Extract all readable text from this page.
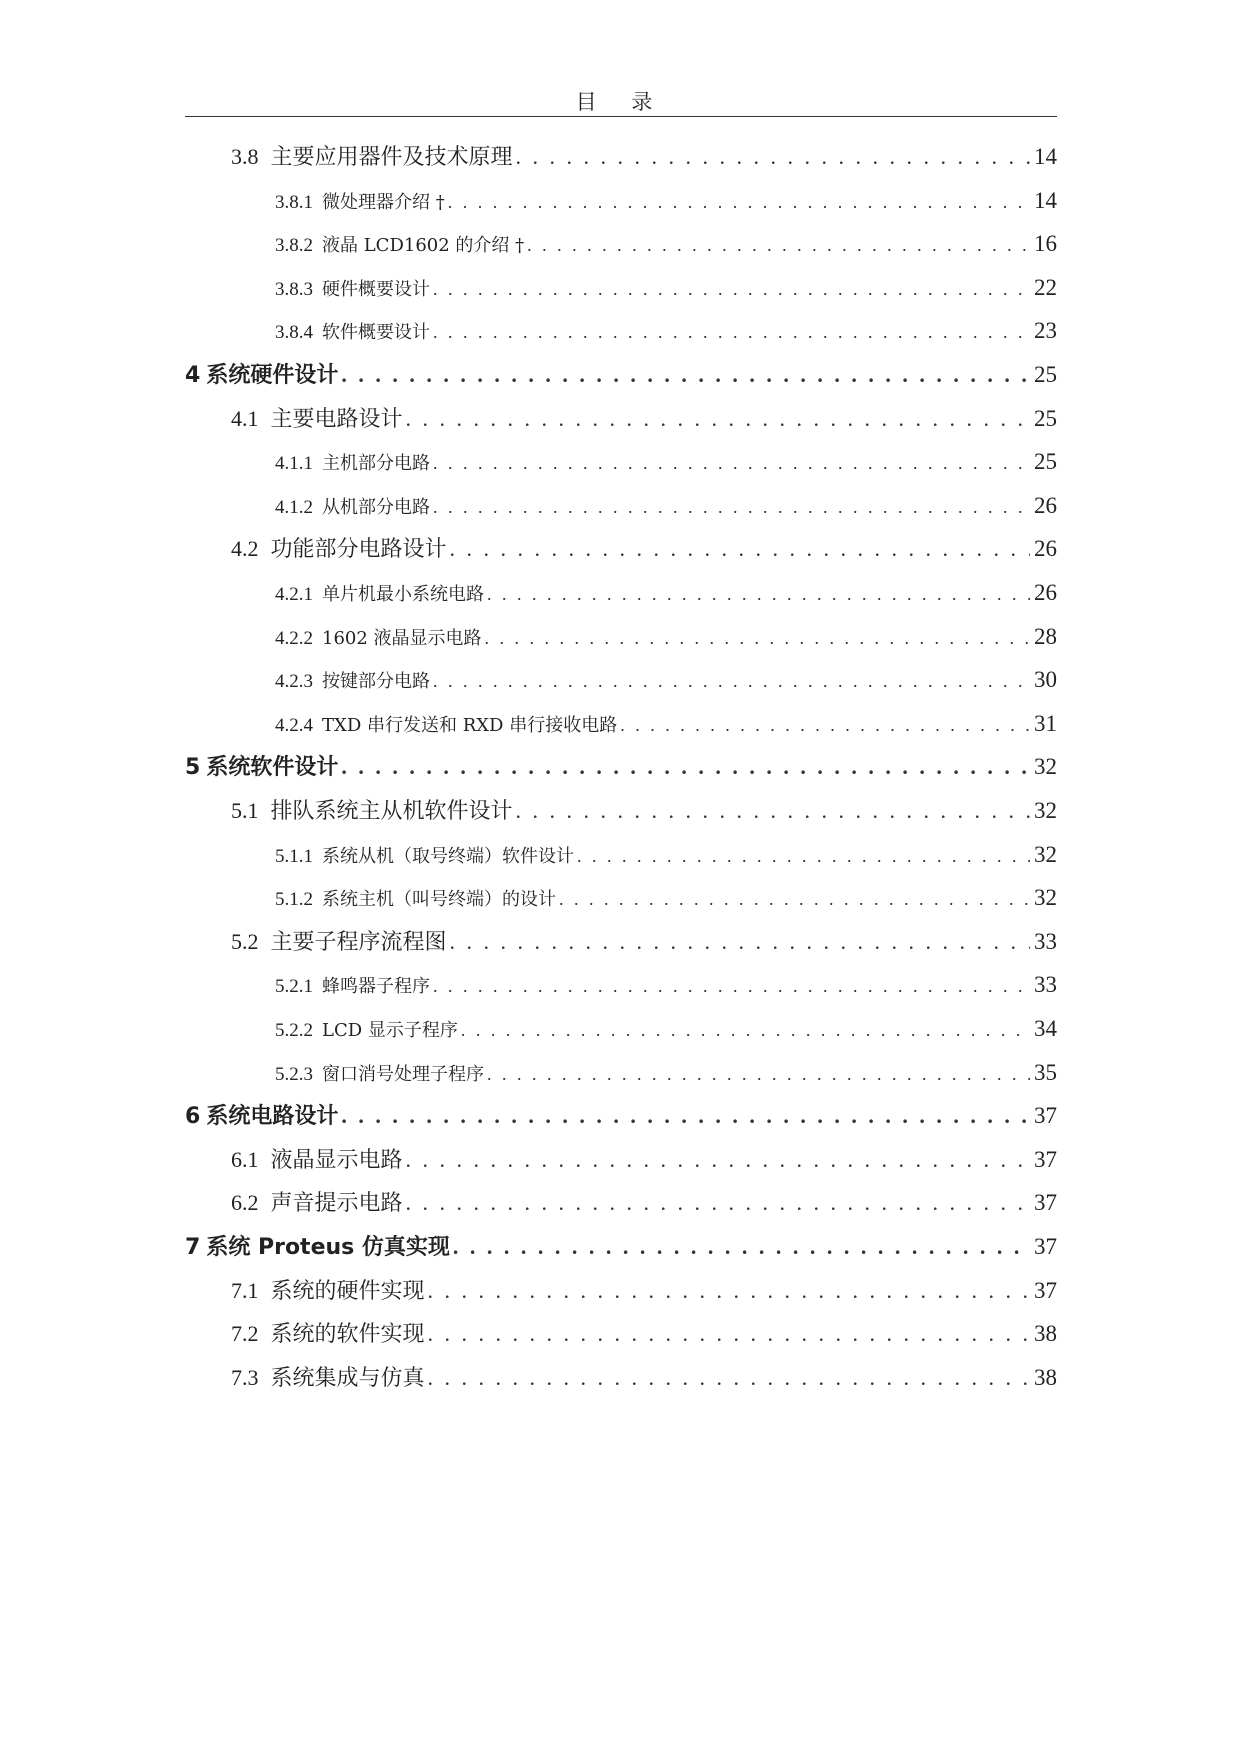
目 录
3.8 主要应用器件及技术原理 . . .	14
3.8.1 微处理器介绍 † . . .	14
3.8.2 液晶 LCD1602 的介绍 † . . .	16
3.8.3 硬件概要设计 . . .	22
3.8.4 软件概要设计 . . .	23
4 系统硬件设计 . . .	25
4.1 主要电路设计 . . .	25
4.1.1 主机部分电路 . . .	25
4.1.2 从机部分电路 . . .	26
4.2 功能部分电路设计 . . .	26
4.2.1 单片机最小系统电路 . . .	26
4.2.2 1602 液晶显示电路 . . .	28
4.2.3 按键部分电路 . . .	30
4.2.4 TXD 串行发送和 RXD 串行接收电路 . . .	31
5 系统软件设计 . . .	32
5.1 排队系统主从机软件设计 . . .	32
5.1.1 系统从机（取号终端）软件设计 . . .	32
5.1.2 系统主机（叫号终端）的设计 . . .	32
5.2 主要子程序流程图 . . .	33
5.2.1 蜂鸣器子程序 . . .	33
5.2.2 LCD 显示子程序 . . .	34
5.2.3 窗口消号处理子程序 . . .	35
6 系统电路设计 . . .	37
6.1 液晶显示电路 . . .	37
6.2 声音提示电路 . . .	37
7 系统 Proteus 仿真实现 . . .	37
7.1 系统的硬件实现 . . .	37
7.2 系统的软件实现 . . .	38
7.3 系统集成与仿真 . . .	38
